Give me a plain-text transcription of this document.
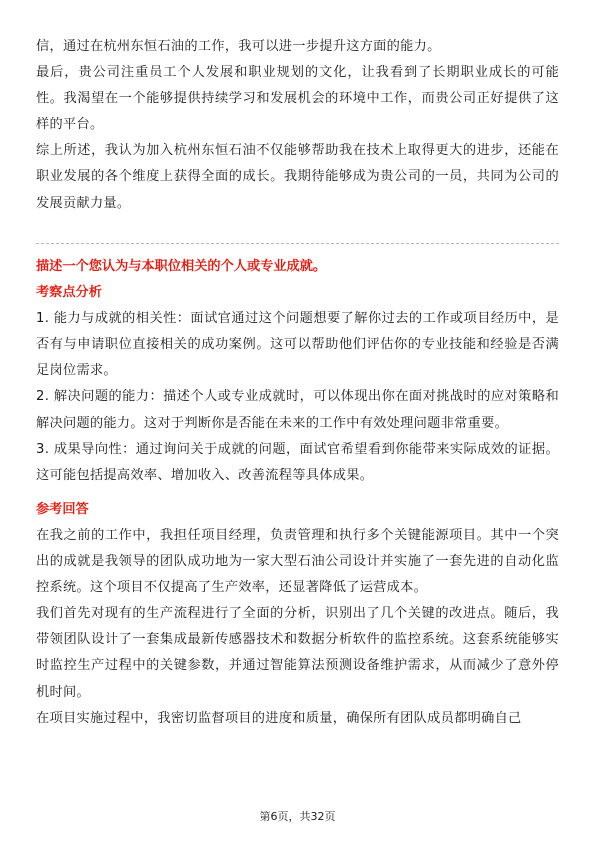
信，通过在杭州东恒石油的工作，我可以进一步提升这方面的能力。

最后，贵公司注重员工个人发展和职业规划的文化，让我看到了长期职业成长的可能性。我渴望在一个能够提供持续学习和发展机会的环境中工作，而贵公司正好提供了这样的平台。

综上所述，我认为加入杭州东恒石油不仅能够帮助我在技术上取得更大的进步，还能在职业发展的各个维度上获得全面的成长。我期待能够成为贵公司的一员，共同为公司的发展贡献力量。

描述一个您认为与本职位相关的个人或专业成就。

考察点分析

1. 能力与成就的相关性：面试官通过这个问题想要了解你过去的工作或项目经历中，是否有与申请职位直接相关的成功案例。这可以帮助他们评估你的专业技能和经验是否满足岗位需求。

2. 解决问题的能力：描述个人或专业成就时，可以体现出你在面对挑战时的应对策略和解决问题的能力。这对于判断你是否能在未来的工作中有效处理问题非常重要。

3. 成果导向性：通过询问关于成就的问题，面试官希望看到你能带来实际成效的证据。这可能包括提高效率、增加收入、改善流程等具体成果。

参考回答

在我之前的工作中，我担任项目经理，负责管理和执行多个关键能源项目。其中一个突出的成就是我领导的团队成功地为一家大型石油公司设计并实施了一套先进的自动化监控系统。这个项目不仅提高了生产效率，还显著降低了运营成本。

我们首先对现有的生产流程进行了全面的分析，识别出了几个关键的改进点。随后，我带领团队设计了一套集成最新传感器技术和数据分析软件的监控系统。这套系统能够实时监控生产过程中的关键参数，并通过智能算法预测设备维护需求，从而减少了意外停机时间。

在项目实施过程中，我密切监督项目的进度和质量，确保所有团队成员都明确自己

第6页，共32页
